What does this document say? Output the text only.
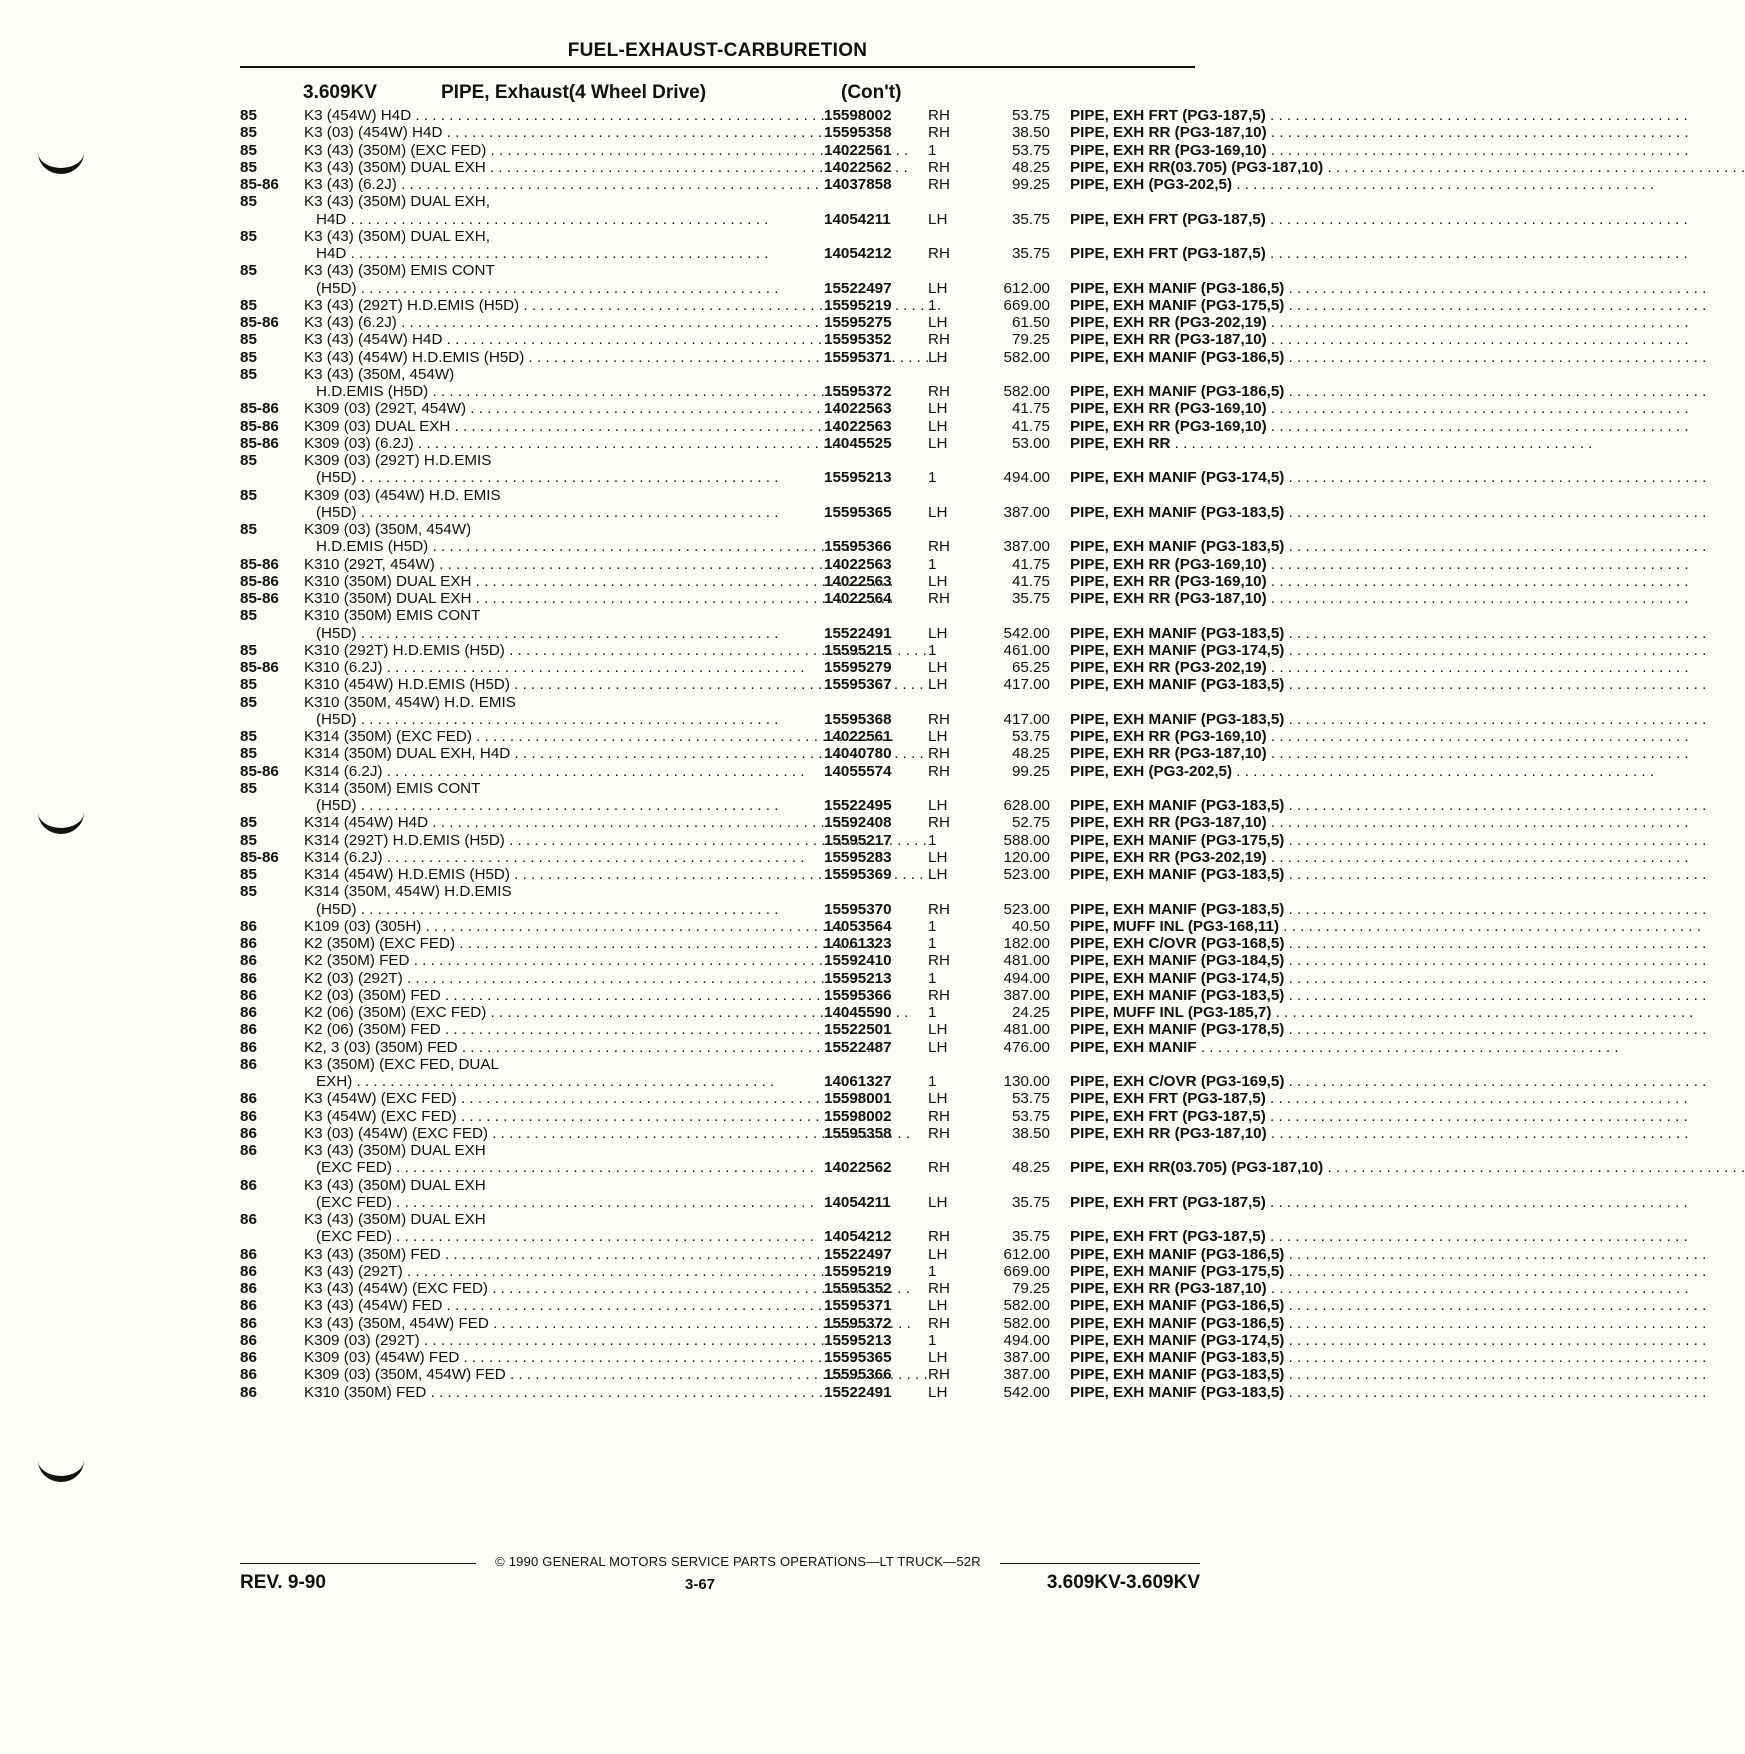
FUEL-EXHAUST-CARBURETION
3.609KV	PIPE, Exhaust(4 Wheel Drive)	(Con't)
85	K3 (454W) H4D . . .	15598002	RH	53.75 PIPE, EXH FRT (PG3-187,5) . . .
85	K3 (03) (454W) H4D . . .	15595358	RH	38.50 PIPE, EXH RR (PG3-187,10) . . .
85	K3 (43) (350M) (EXC FED) . . .	14022561	1	53.75 PIPE, EXH RR (PG3-169,10) . . .
85	K3 (43) (350M) DUAL EXH . . .	14022562	RH	48.25 PIPE, EXH RR(03.705) (PG3-187,10) . . .
85-86	K3 (43) (6.2J) . . .	14037858	RH	99.25 PIPE, EXH (PG3-202,5) . . .
85	K3 (43) (350M) DUAL EXH,
H4D . . .	14054211	LH	35.75 PIPE, EXH FRT (PG3-187,5) . . .
85	K3 (43) (350M) DUAL EXH,
H4D . . .	14054212	RH	35.75 PIPE, EXH FRT (PG3-187,5) . . .
85	K3 (43) (350M) EMIS CONT
(H5D) . . .	15522497	LH	612.00 PIPE, EXH MANIF (PG3-186,5) . . .
85	K3 (43) (292T) H.D.EMIS (H5D) . . .	15595219	1	669.00 PIPE, EXH MANIF (PG3-175,5) . . .
85-86	K3 (43) (6.2J) . . .	15595275	LH	61.50 PIPE, EXH RR (PG3-202,19) . . .
85	K3 (43) (454W) H4D . . .	15595352	RH	79.25 PIPE, EXH RR (PG3-187,10) . . .
85	K3 (43) (454W) H.D.EMIS (H5D) . . .	15595371	LH	582.00 PIPE, EXH MANIF (PG3-186,5) . . .
85	K3 (43) (350M, 454W)
H.D.EMIS (H5D) . . .	15595372	RH	582.00 PIPE, EXH MANIF (PG3-186,5) . . .
85-86	K309 (03) (292T, 454W) . . .	14022563	LH	41.75 PIPE, EXH RR (PG3-169,10) . . .
85-86	K309 (03) DUAL EXH . . .	14022563	LH	41.75 PIPE, EXH RR (PG3-169,10) . . .
85-86	K309 (03) (6.2J) . . .	14045525	LH	53.00 PIPE, EXH RR . . .
85	K309 (03) (292T) H.D.EMIS
(H5D) . . .	15595213	1	494.00 PIPE, EXH MANIF (PG3-174,5) . . .
85	K309 (03) (454W) H.D. EMIS
(H5D) . . .	15595365	LH	387.00 PIPE, EXH MANIF (PG3-183,5) . . .
85	K309 (03) (350M, 454W)
H.D.EMIS (H5D) . . .	15595366	RH	387.00 PIPE, EXH MANIF (PG3-183,5) . . .
85-86	K310 (292T, 454W) . . .	14022563	1	41.75 PIPE, EXH RR (PG3-169,10) . . .
85-86	K310 (350M) DUAL EXH . . .	14022563	LH	41.75 PIPE, EXH RR (PG3-169,10) . . .
85-86	K310 (350M) DUAL EXH . . .	14022564	RH	35.75 PIPE, EXH RR (PG3-187,10) . . .
85	K310 (350M) EMIS CONT
(H5D) . . .	15522491	LH	542.00 PIPE, EXH MANIF (PG3-183,5) . . .
85	K310 (292T) H.D.EMIS (H5D) . . .	15595215	1	461.00 PIPE, EXH MANIF (PG3-174,5) . . .
85-86	K310 (6.2J) . . .	15595279	LH	65.25 PIPE, EXH RR (PG3-202,19) . . .
85	K310 (454W) H.D.EMIS (H5D) . . .	15595367	LH	417.00 PIPE, EXH MANIF (PG3-183,5) . . .
85	K310 (350M, 454W) H.D. EMIS
(H5D) . . .	15595368	RH	417.00 PIPE, EXH MANIF (PG3-183,5) . . .
85	K314 (350M) (EXC FED) . . .	14022561	LH	53.75 PIPE, EXH RR (PG3-169,10) . . .
85	K314 (350M) DUAL EXH, H4D . . .	14040780	RH	48.25 PIPE, EXH RR (PG3-187,10) . . .
85-86	K314 (6.2J) . . .	14055574	RH	99.25 PIPE, EXH (PG3-202,5) . . .
85	K314 (350M) EMIS CONT
(H5D) . . .	15522495	LH	628.00 PIPE, EXH MANIF (PG3-183,5) . . .
85	K314 (454W) H4D . . .	15592408	RH	52.75 PIPE, EXH RR (PG3-187,10) . . .
85	K314 (292T) H.D.EMIS (H5D) . . .	15595217	1	588.00 PIPE, EXH MANIF (PG3-175,5) . . .
85-86	K314 (6.2J) . . .	15595283	LH	120.00 PIPE, EXH RR (PG3-202,19) . . .
85	K314 (454W) H.D.EMIS (H5D) . . .	15595369	LH	523.00 PIPE, EXH MANIF (PG3-183,5) . . .
85	K314 (350M, 454W) H.D.EMIS
(H5D) . . .	15595370	RH	523.00 PIPE, EXH MANIF (PG3-183,5) . . .
86	K109 (03) (305H) . . .	14053564	1	40.50 PIPE, MUFF INL (PG3-168,11) . . .
86	K2 (350M) (EXC FED) . . .	14061323	1	182.00 PIPE, EXH C/OVR (PG3-168,5) . . .
86	K2 (350M) FED . . .	15592410	RH	481.00 PIPE, EXH MANIF (PG3-184,5) . . .
86	K2 (03) (292T) . . .	15595213	1	494.00 PIPE, EXH MANIF (PG3-174,5) . . .
86	K2 (03) (350M) FED . . .	15595366	RH	387.00 PIPE, EXH MANIF (PG3-183,5) . . .
86	K2 (06) (350M) (EXC FED) . . .	14045590	1	24.25 PIPE, MUFF INL (PG3-185,7) . . .
86	K2 (06) (350M) FED . . .	15522501	LH	481.00 PIPE, EXH MANIF (PG3-178,5) . . .
86	K2, 3 (03) (350M) FED . . .	15522487	LH	476.00 PIPE, EXH MANIF . . .
86	K3 (350M) (EXC FED, DUAL
EXH) . . .	14061327	1	130.00 PIPE, EXH C/OVR (PG3-169,5) . . .
86	K3 (454W) (EXC FED) . . .	15598001	LH	53.75 PIPE, EXH FRT (PG3-187,5) . . .
86	K3 (454W) (EXC FED) . . .	15598002	RH	53.75 PIPE, EXH FRT (PG3-187,5) . . .
86	K3 (03) (454W) (EXC FED) . . .	15595358	RH	38.50 PIPE, EXH RR (PG3-187,10) . . .
86	K3 (43) (350M) DUAL EXH
(EXC FED) . . .	14022562	RH	48.25 PIPE, EXH RR(03.705) (PG3-187,10) . . .
86	K3 (43) (350M) DUAL EXH
(EXC FED) . . .	14054211	LH	35.75 PIPE, EXH FRT (PG3-187,5) . . .
86	K3 (43) (350M) DUAL EXH
(EXC FED) . . .	14054212	RH	35.75 PIPE, EXH FRT (PG3-187,5) . . .
86	K3 (43) (350M) FED . . .	15522497	LH	612.00 PIPE, EXH MANIF (PG3-186,5) . . .
86	K3 (43) (292T) . . .	15595219	1	669.00 PIPE, EXH MANIF (PG3-175,5) . . .
86	K3 (43) (454W) (EXC FED) . . .	15595352	RH	79.25 PIPE, EXH RR (PG3-187,10) . . .
86	K3 (43) (454W) FED . . .	15595371	LH	582.00 PIPE, EXH MANIF (PG3-186,5) . . .
86	K3 (43) (350M, 454W) FED . . .	15595372	RH	582.00 PIPE, EXH MANIF (PG3-186,5) . . .
86	K309 (03) (292T) . . .	15595213	1	494.00 PIPE, EXH MANIF (PG3-174,5) . . .
86	K309 (03) (454W) FED . . .	15595365	LH	387.00 PIPE, EXH MANIF (PG3-183,5) . . .
86	K309 (03) (350M, 454W) FED . . .	15595366	RH	387.00 PIPE, EXH MANIF (PG3-183,5) . . .
86	K310 (350M) FED . . .	15522491	LH	542.00 PIPE, EXH MANIF (PG3-183,5) . . .
© 1990 GENERAL MOTORS SERVICE PARTS OPERATIONS—LT TRUCK—52R
REV. 9-90	3-67	3.609KV-3.609KV
